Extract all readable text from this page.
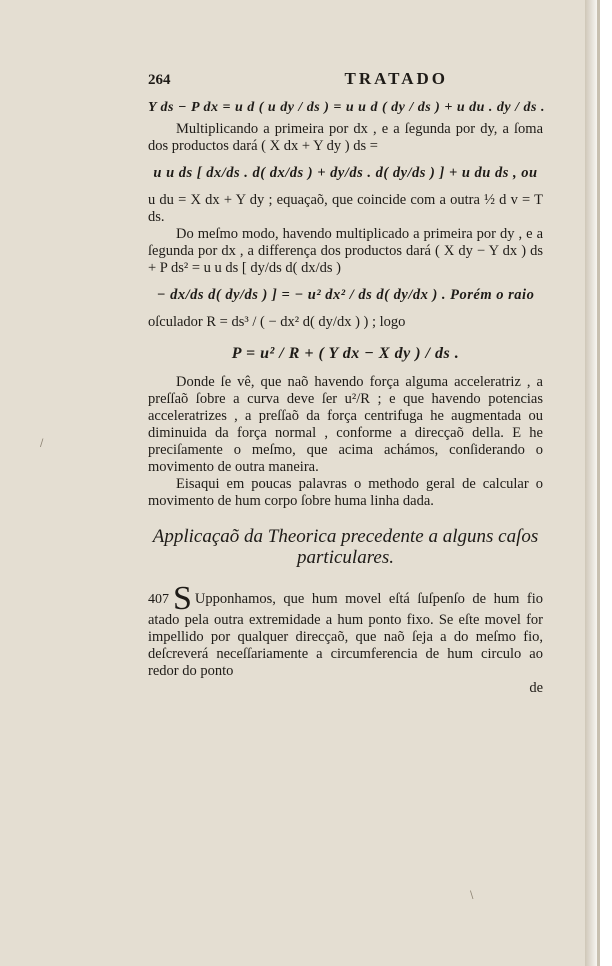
/
\
264	TRATADO
Y ds − P dx = u d ( u dy / ds ) = u u d ( dy / ds ) + u du . dy / ds .

Multiplicando a primeira por dx , e a ſegunda por dy, a ſoma dos productos dará ( X dx + Y dy ) ds =

u u ds [ dx/ds . d( dx/ds ) + dy/ds . d( dy/ds ) ] + u du ds , ou

u du = X dx + Y dy ; equaçaõ, que coincide com a outra ½ d v = T ds.

Do meſmo modo, havendo multiplicado a primeira por dy , e a ſegunda por dx , a differença dos productos dará ( X dy − Y dx ) ds + P ds² = u u ds [ dy/ds d( dx/ds )

− dx/ds d( dy/ds ) ] = − u² dx² / ds d( dy/dx ) . Porém o raio

oſculador R = ds³ / ( − dx² d( dy/dx ) ) ; logo

P = u² / R + ( Y dx − X dy ) / ds .

Donde ſe vê, que naõ havendo força alguma acceleratriz , a preſſaõ ſobre a curva deve ſer u²/R ; e que havendo potencias acceleratrizes , a preſſaõ da força centrifuga he augmentada ou diminuida da força normal , conforme a direcçaõ della. E he preciſamente o meſmo, que acima achámos, conſiderando o movimento de outra maneira.

Eisaqui em poucas palavras o methodo geral de calcular o movimento de hum corpo ſobre huma linha dada.

Applicaçaõ da Theorica precedente a alguns caſos particulares.

407 S Upponhamos, que hum movel eſtá ſuſpenſo de hum fio atado pela outra extremidade a hum ponto fixo. Se eſte movel for impellido por qualquer direcçaõ, que naõ ſeja a do meſmo fio, deſcreverá neceſſariamente a circumferencia de hum circulo ao redor do ponto

de
